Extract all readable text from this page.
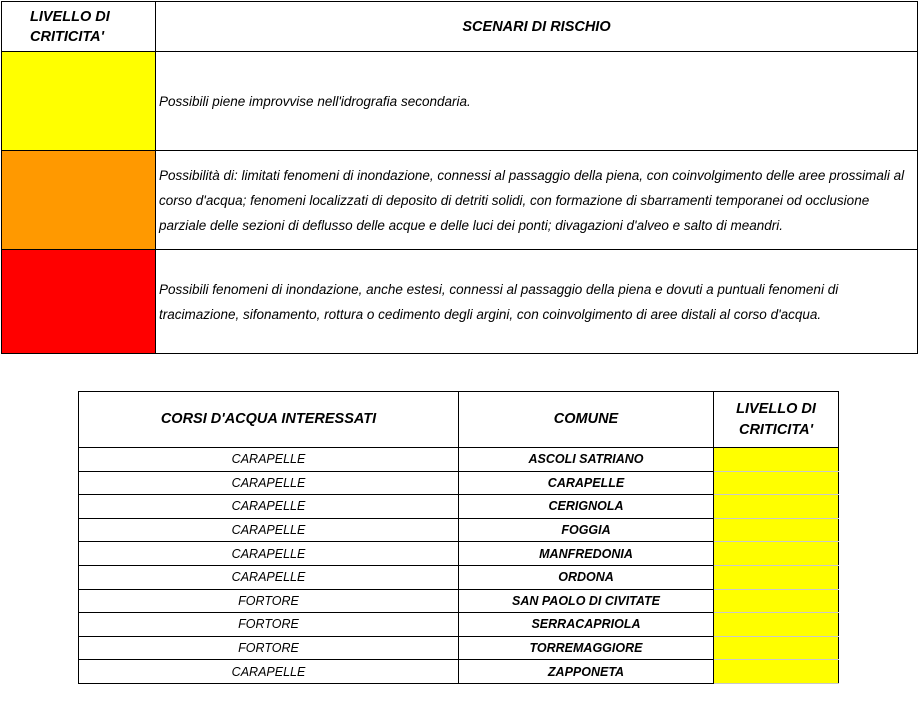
LIVELLO DI CRITICITA'	SCENARI DI RISCHIO
	Possibili piene improvvise nell'idrografia secondaria.
	Possibilità di: limitati fenomeni di inondazione, connessi al passaggio della piena, con coinvolgimento delle aree prossimali al corso d'acqua; fenomeni localizzati di deposito di detriti solidi, con formazione di sbarramenti temporanei od occlusione parziale delle sezioni di deflusso delle acque e delle luci dei ponti; divagazioni d'alveo e salto di meandri.
	Possibili fenomeni di inondazione, anche estesi, connessi al passaggio della piena e dovuti a puntuali fenomeni di tracimazione, sifonamento, rottura o cedimento degli argini, con coinvolgimento di aree distali al corso d'acqua.
CORSI D'ACQUA INTERESSATI	COMUNE	LIVELLO DI CRITICITA'
CARAPELLE	ASCOLI SATRIANO	
CARAPELLE	CARAPELLE	
CARAPELLE	CERIGNOLA	
CARAPELLE	FOGGIA	
CARAPELLE	MANFREDONIA	
CARAPELLE	ORDONA	
FORTORE	SAN PAOLO DI CIVITATE	
FORTORE	SERRACAPRIOLA	
FORTORE	TORREMAGGIORE	
CARAPELLE	ZAPPONETA	
